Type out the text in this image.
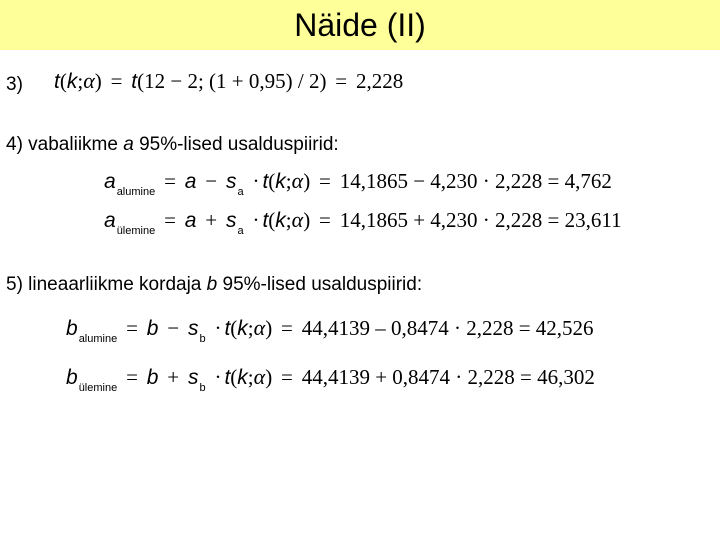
Näide (II)
3) t(k;α) = t(12 − 2; (1 + 0,95) / 2) = 2,228
4) vabaliikme a 95%-lised usalduspiirid:
$a_{alumine} = a - s_a$ · t(k;α) = 14,1865 − 4,230 · 2,228 = 4,762
$a_{ülemine} = a + s_a$ · t(k;α) = 14,1865 + 4,230 · 2,228 = 23,611
5) lineaarliikme kordaja b 95%-lised usalduspiirid:
$b_{alumine} = b - s_b$ · t(k;α) = 44,4139 – 0,8474 · 2,228 = 42,526
$b_{ülemine} = b + s_b$ · t(k;α) = 44,4139 + 0,8474 · 2,228 = 46,302
